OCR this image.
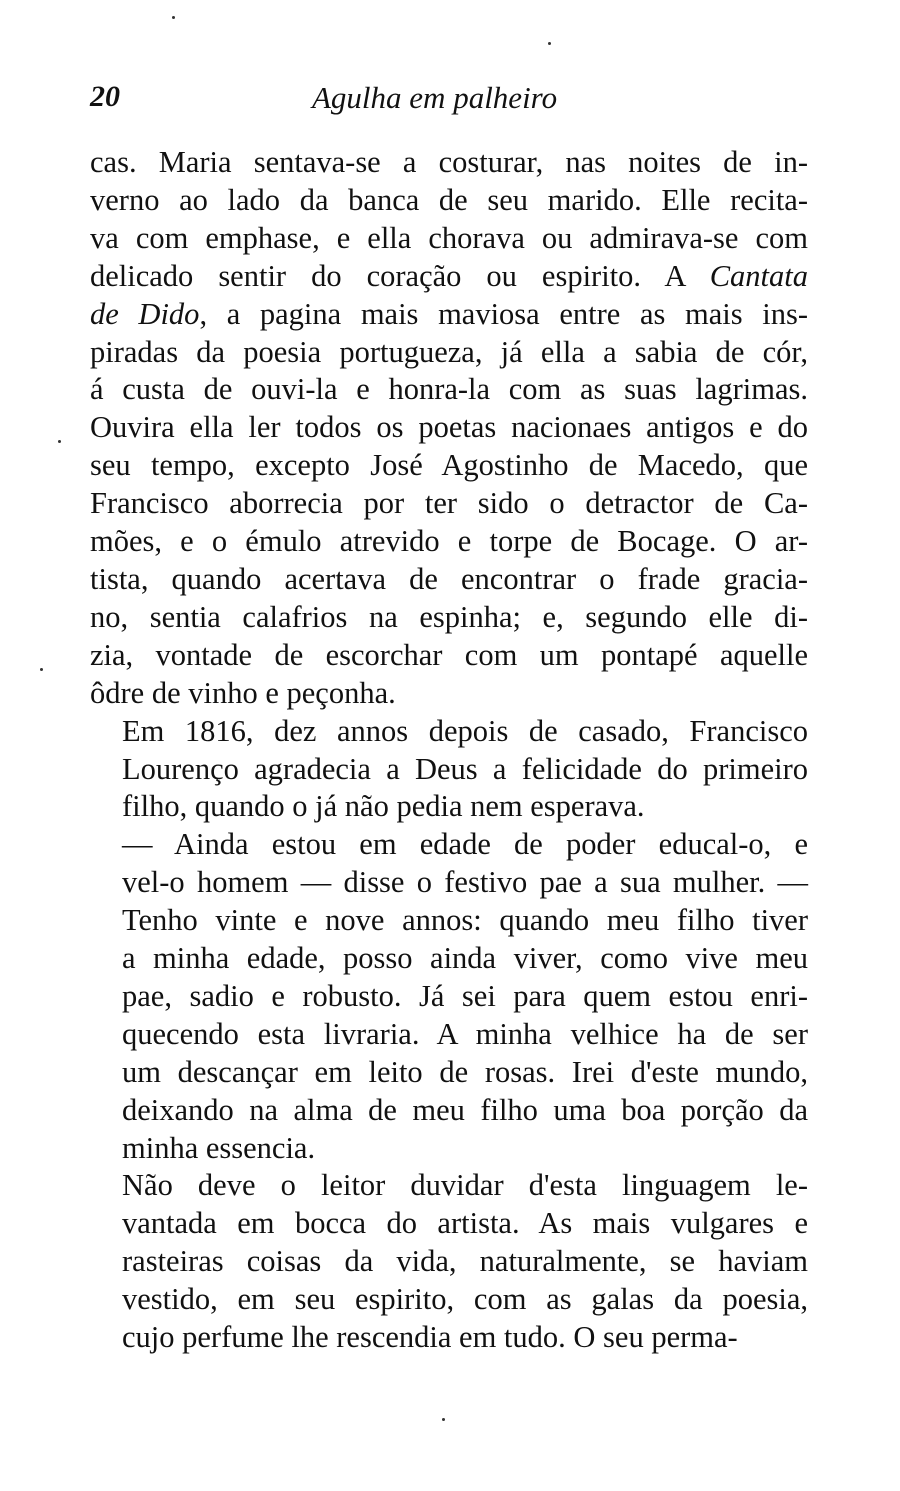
20	Agulha em palheiro
cas. Maria sentava-se a costurar, nas noites de in-
verno ao lado da banca de seu marido. Elle recita-
va com emphase, e ella chorava ou admirava-se com
delicado sentir do coração ou espirito. A Cantata
de Dido, a pagina mais maviosa entre as mais ins-
piradas da poesia portugueza, já ella a sabia de cór,
á custa de ouvi-la e honra-la com as suas lagrimas.
Ouvira ella ler todos os poetas nacionaes antigos e do
seu tempo, excepto José Agostinho de Macedo, que
Francisco aborrecia por ter sido o detractor de Ca-
mões, e o émulo atrevido e torpe de Bocage. O ar-
tista, quando acertava de encontrar o frade gracia-
no, sentia calafrios na espinha; e, segundo elle di-
zia, vontade de escorchar com um pontapé aquelle
ôdre de vinho e peçonha.
Em 1816, dez annos depois de casado, Francisco
Lourenço agradecia a Deus a felicidade do primeiro
filho, quando o já não pedia nem esperava.
— Ainda estou em edade de poder educal-o, e
vel-o homem — disse o festivo pae a sua mulher. —
Tenho vinte e nove annos: quando meu filho tiver
a minha edade, posso ainda viver, como vive meu
pae, sadio e robusto. Já sei para quem estou enri-
quecendo esta livraria. A minha velhice ha de ser
um descançar em leito de rosas. Irei d'este mundo,
deixando na alma de meu filho uma boa porção da
minha essencia.
Não deve o leitor duvidar d'esta linguagem le-
vantada em bocca do artista. As mais vulgares e
rasteiras coisas da vida, naturalmente, se haviam
vestido, em seu espirito, com as galas da poesia,
cujo perfume lhe rescendia em tudo. O seu perma-
